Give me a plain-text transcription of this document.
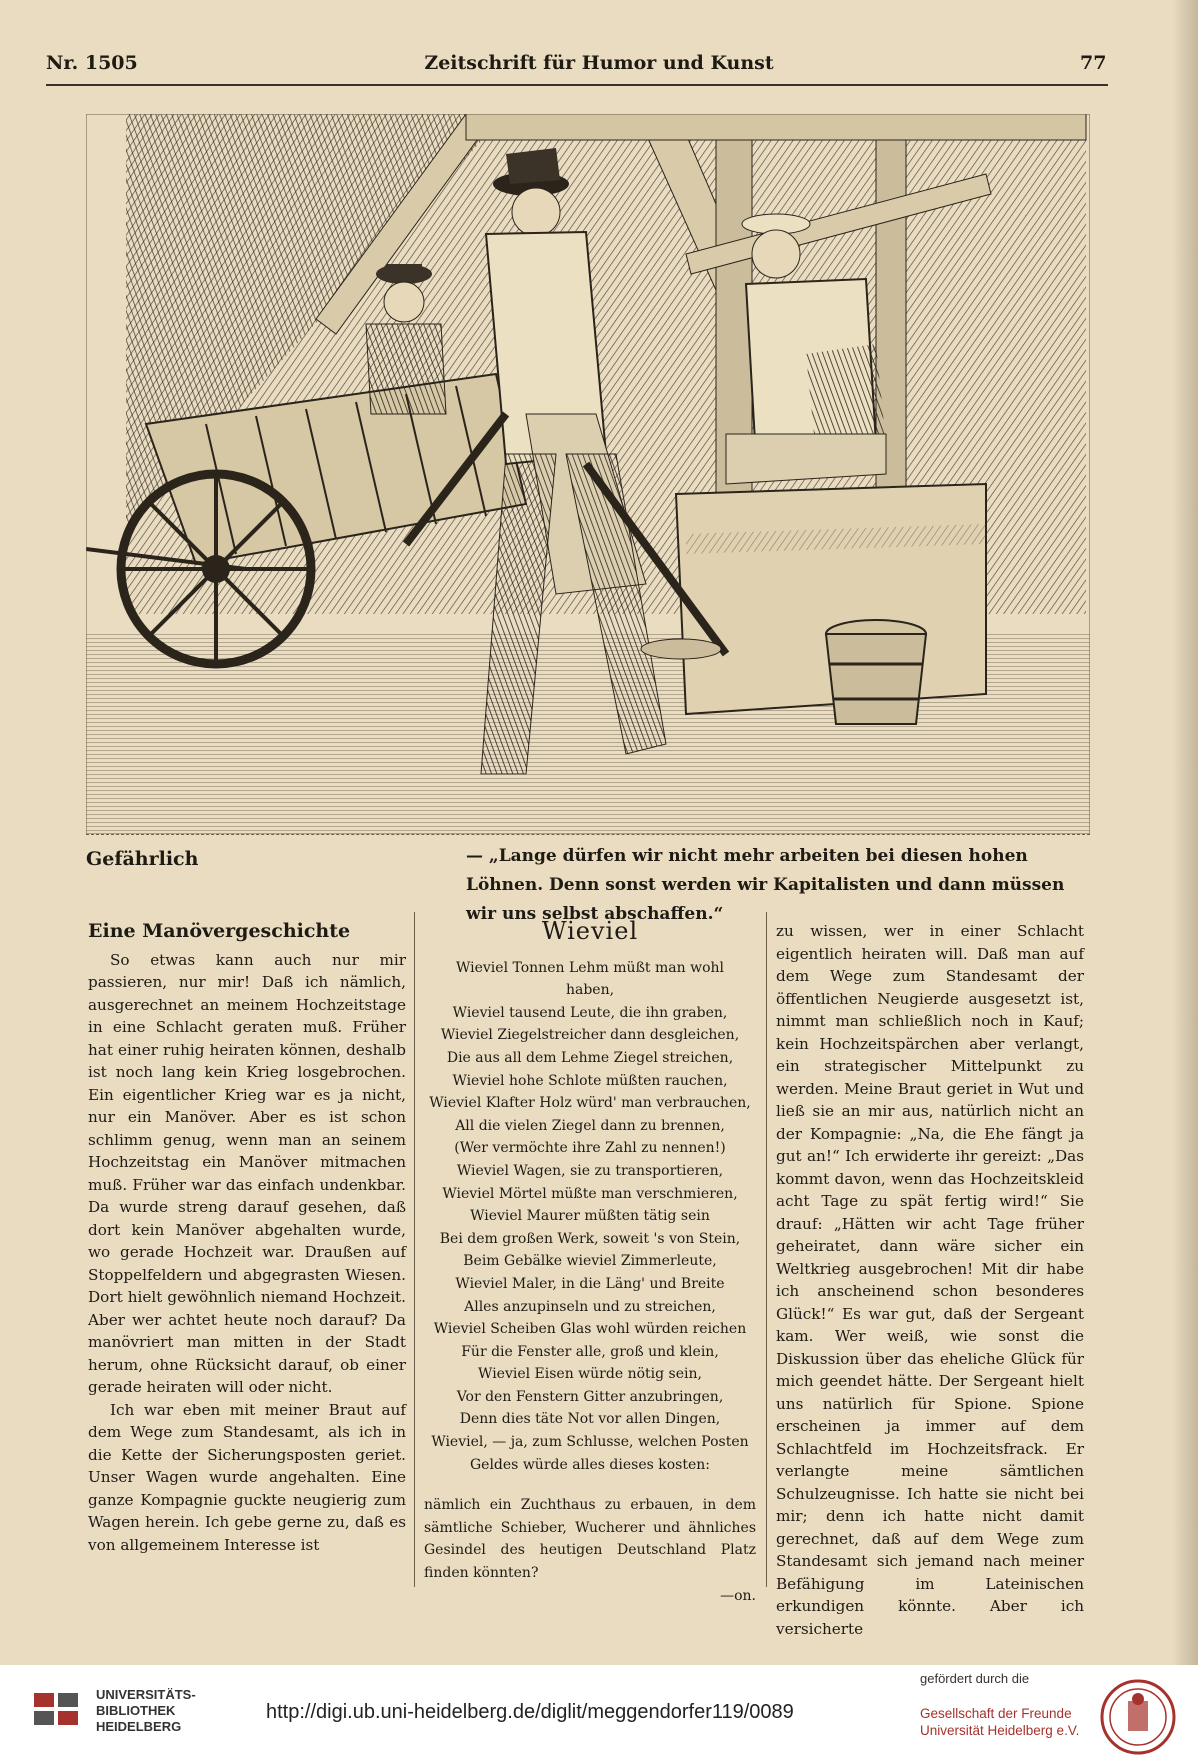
Nr. 1505	Zeitschrift für Humor und Kunst	77
Gefährlich	— „Lange dürfen wir nicht mehr arbeiten bei diesen hohen Löhnen. Denn sonst werden wir Kapitalisten und dann müssen wir uns selbst abschaffen.“
Eine Manövergeschichte

So etwas kann auch nur mir passieren, nur mir! Daß ich nämlich, ausgerechnet an meinem Hochzeitstage in eine Schlacht geraten muß. Früher hat einer ruhig heiraten können, deshalb ist noch lang kein Krieg losgebrochen. Ein eigentlicher Krieg war es ja nicht, nur ein Manöver. Aber es ist schon schlimm genug, wenn man an seinem Hochzeitstag ein Manöver mitmachen muß. Früher war das einfach undenkbar. Da wurde streng darauf gesehen, daß dort kein Manöver abgehalten wurde, wo gerade Hochzeit war. Draußen auf Stoppelfeldern und abgegrasten Wiesen. Dort hielt gewöhnlich niemand Hochzeit. Aber wer achtet heute noch darauf? Da manövriert man mitten in der Stadt herum, ohne Rücksicht darauf, ob einer gerade heiraten will oder nicht.

Ich war eben mit meiner Braut auf dem Wege zum Standesamt, als ich in die Kette der Sicherungsposten geriet. Unser Wagen wurde angehalten. Eine ganze Kompagnie guckte neugierig zum Wagen herein. Ich gebe gerne zu, daß es von allgemeinem Interesse ist

Wieviel
Wieviel Tonnen Lehm müßt man wohl
haben,
Wieviel tausend Leute, die ihn graben,
Wieviel Ziegelstreicher dann desgleichen,
Die aus all dem Lehme Ziegel streichen,
Wieviel hohe Schlote müßten rauchen,
Wieviel Klafter Holz würd' man verbrauchen,
All die vielen Ziegel dann zu brennen,
(Wer vermöchte ihre Zahl zu nennen!)
Wieviel Wagen, sie zu transportieren,
Wieviel Mörtel müßte man verschmieren,
Wieviel Maurer müßten tätig sein
Bei dem großen Werk, soweit 's von Stein,
Beim Gebälke wieviel Zimmerleute,
Wieviel Maler, in die Läng' und Breite
Alles anzupinseln und zu streichen,
Wieviel Scheiben Glas wohl würden reichen
Für die Fenster alle, groß und klein,
Wieviel Eisen würde nötig sein,
Vor den Fenstern Gitter anzubringen,
Denn dies täte Not vor allen Dingen,
Wieviel, — ja, zum Schlusse, welchen Posten
Geldes würde alles dieses kosten:
nämlich ein Zuchthaus zu erbauen, in dem sämtliche Schieber, Wucherer und ähnliches Gesindel des heutigen Deutschland Platz finden könnten?
—on.

zu wissen, wer in einer Schlacht eigentlich heiraten will. Daß man auf dem Wege zum Standesamt der öffentlichen Neugierde ausgesetzt ist, nimmt man schließlich noch in Kauf; kein Hochzeitspärchen aber verlangt, ein strategischer Mittelpunkt zu werden. Meine Braut geriet in Wut und ließ sie an mir aus, natürlich nicht an der Kompagnie: „Na, die Ehe fängt ja gut an!“ Ich erwiderte ihr gereizt: „Das kommt davon, wenn das Hochzeitskleid acht Tage zu spät fertig wird!“ Sie drauf: „Hätten wir acht Tage früher geheiratet, dann wäre sicher ein Weltkrieg ausgebrochen! Mit dir habe ich anscheinend schon besonderes Glück!“ Es war gut, daß der Sergeant kam. Wer weiß, wie sonst die Diskussion über das eheliche Glück für mich geendet hätte. Der Sergeant hielt uns natürlich für Spione. Spione erscheinen ja immer auf dem Schlachtfeld im Hochzeitsfrack. Er verlangte meine sämtlichen Schulzeugnisse. Ich hatte sie nicht bei mir; denn ich hatte nicht damit gerechnet, daß auf dem Wege zum Standesamt sich jemand nach meiner Befähigung im Lateinischen erkundigen könnte. Aber ich versicherte

UNIVERSITÄTS-
BIBLIOTHEK
HEIDELBERG
http://digi.ub.uni-heidelberg.de/diglit/meggendorfer119/0089
gefördert durch die
Gesellschaft der Freunde
Universität Heidelberg e.V.
